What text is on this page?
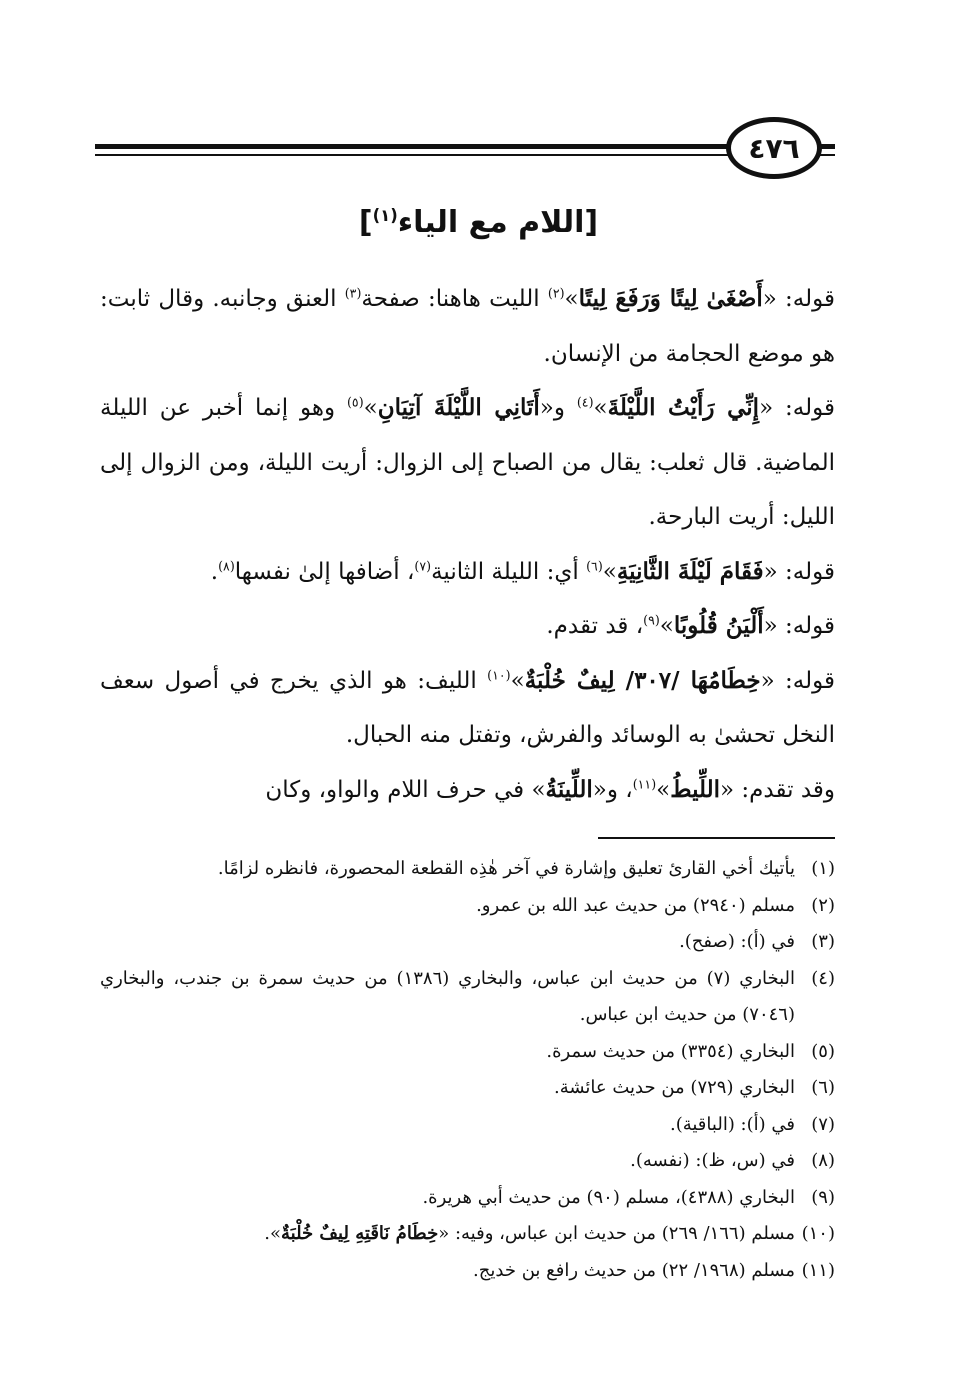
٤٧٦
[اللام مع الياء$^{(١)}$]

قوله: «أَصْغَىٰ لِيتًا وَرَفَعَ لِيتًا»$^{(٢)}$ الليت هاهنا: صفحة$^{(٣)}$ العنق وجانبه. وقال ثابت: هو موضع الحجامة من الإنسان.

قوله: «إِنِّي رَأَيْتُ اللَّيْلَةَ»$^{(٤)}$ و«أَتَانِي اللَّيْلَةَ آتِيَانِ»$^{(٥)}$ وهو إنما أخبر عن الليلة الماضية. قال ثعلب: يقال من الصباح إلى الزوال: أريت الليلة، ومن الزوال إلى الليل: أريت البارحة.

قوله: «فَقَامَ لَيْلَةَ الثَّانِيَةِ»$^{(٦)}$ أي: الليلة الثانية$^{(٧)}$، أضافها إلىٰ نفسها$^{(٨)}$.

قوله: «أَلْيَنُ قُلُوبًا»$^{(٩)}$، قد تقدم.

قوله: «خِطَامُهَا /٣٠٧/ لِيفٌ خُلْبَةٌ»$^{(١٠)}$ الليف: هو الذي يخرج في أصول سعف النخل تحشىٰ به الوسائد والفرش، وتفتل منه الحبال.

وقد تقدم: «اللِّيطُ»$^{(١١)}$، و«اللِّينَةُ» في حرف اللام والواو، وكان

(١)
يأتيك أخي القارئ تعليق وإشارة في آخر هٰذِه القطعة المحصورة، فانظره لزامًا.

(٢)
مسلم (٢٩٤٠) من حديث عبد الله بن عمرو.

(٣)
في (أ): (صفح).

(٤)
البخاري (٧) من حديث ابن عباس، والبخاري (١٣٨٦) من حديث سمرة بن جندب، والبخاري (٧٠٤٦) من حديث ابن عباس.

(٥)
البخاري (٣٣٥٤) من حديث سمرة.

(٦)
البخاري (٧٢٩) من حديث عائشة.

(٧)
في (أ): (الباقية).

(٨)
في (س، ظ): (نفسه).

(٩)
البخاري (٤٣٨٨)، مسلم (٩٠) من حديث أبي هريرة.

(١٠)
مسلم (١٦٦/ ٢٦٩) من حديث ابن عباس، وفيه: «خِطَامُ نَاقَتِهِ لِيفٌ خُلْبَةٌ».

(١١)
مسلم (١٩٦٨/ ٢٢) من حديث رافع بن خديج.
